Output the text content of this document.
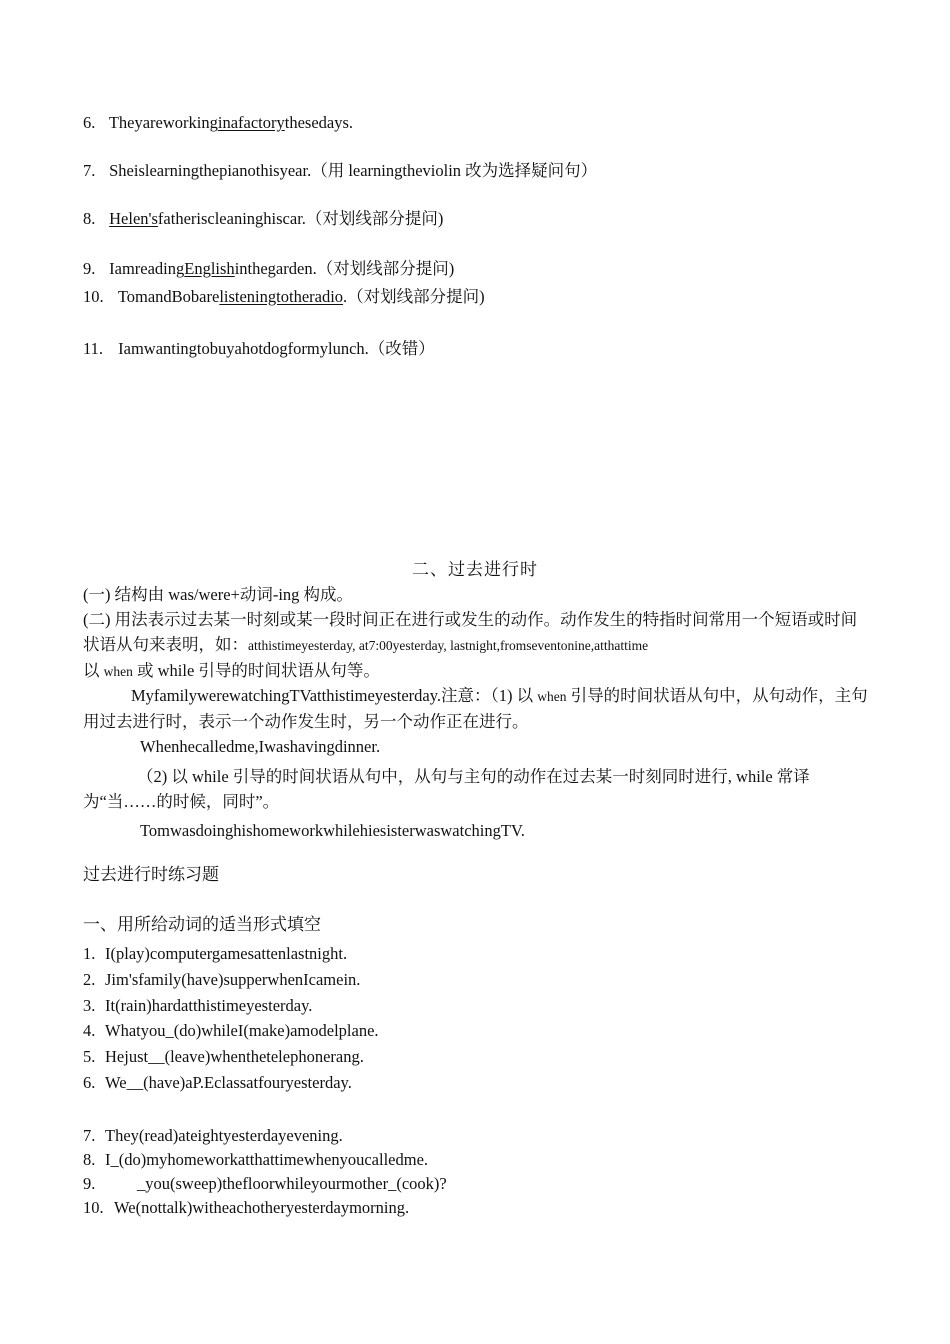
6. Theyareworkinginafactorythesedays.
7. Sheislearningthepianothisyear.（用 learningtheviolin 改为选择疑问句）
8. Helen'sfatheriscleaninghiscar.（对划线部分提问)
9. IamreadingEnglishinthegarden.（对划线部分提问)
10. TomandBobarelisteningtotheradio.（对划线部分提问)
11. Iamwantingtobuyahotdogformylunch.（改错）
二、过去进行时
(一) 结构由 was/were+动词-ing 构成。
(二) 用法表示过去某一时刻或某一段时间正在进行或发生的动作。动作发生的特指时间常用一个短语或时间状语从句来表明，如：atthistimeyesterday, at7:00yesterday, lastnight,fromseventonine,atthattime
以 when 或 while 引导的时间状语从句等。
MyfamilywerewatchingTVatthistimeyesterday.注意：（1) 以 when 引导的时间状语从句中，从句动作，主句用过去进行时，表示一个动作发生时，另一个动作正在进行。
Whenhecalledme,Iwashavingdinner.
（2) 以 while 引导的时间状语从句中，从句与主句的动作在过去某一时刻同时进行, while 常译为“当……的时候，同时”。
TomwasdoinghishomeworkwhilehiesisterwaswatchingTV.
过去进行时练习题
一、用所给动词的适当形式填空
1. I(play)computergamesattenlastnight.
2. Jim'sfamily(have)supperwhenIcamein.
3. It(rain)hardatthistimeyesterday.
4. Whatyou_(do)whileI(make)amodelplane.
5. Hejust__(leave)whenthetelephonerang.
6. We__(have)aP.Eclassatfouryesterday.
7. They(read)ateightyesterdayevening.
8. I_(do)myhomeworkatthattimewhenyoucalledme.
9.	_you(sweep)thefloorwhileyourmother_(cook)?
10. We(nottalk)witheachotheryesterdaymorning.
